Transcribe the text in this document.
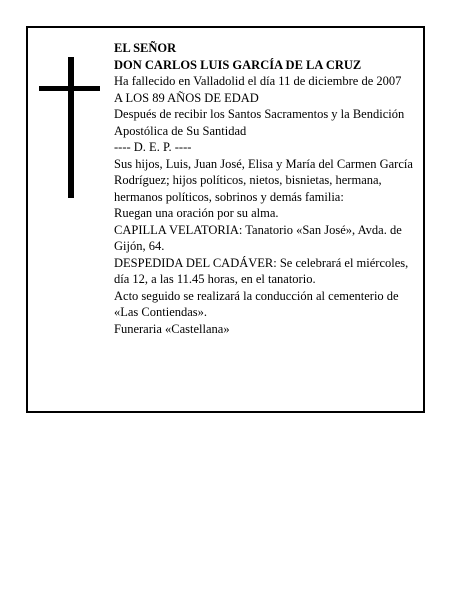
EL SEÑOR

DON CARLOS LUIS GARCÍA DE LA CRUZ

Ha fallecido en Valladolid el día 11 de diciembre de 2007

A LOS 89 AÑOS DE EDAD

Después de recibir los Santos Sacramentos y la Bendición Apostólica de Su Santidad

---- D. E. P. ----

Sus hijos, Luis, Juan José, Elisa y María del Carmen García Rodríguez; hijos políticos, nietos, bisnietas, hermana, hermanos políticos, sobrinos y demás familia:

Ruegan una oración por su alma.

CAPILLA VELATORIA: Tanatorio «San José», Avda. de Gijón, 64.

DESPEDIDA DEL CADÁVER: Se celebrará el miércoles, día 12, a las 11.45 horas, en el tanatorio.

Acto seguido se realizará la conducción al cementerio de «Las Contiendas».

Funeraria «Castellana»
